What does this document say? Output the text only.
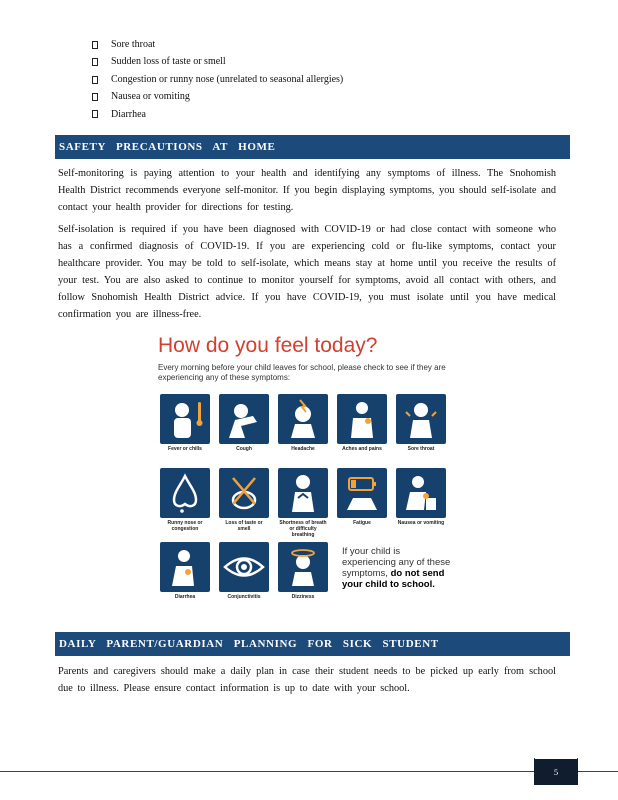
Sore throat
Sudden loss of taste or smell
Congestion or runny nose (unrelated to seasonal allergies)
Nausea or vomiting
Diarrhea
SAFETY PRECAUTIONS AT HOME
Self-monitoring is paying attention to your health and identifying any symptoms of illness. The Snohomish Health District recommends everyone self-monitor. If you begin displaying symptoms, you should self-isolate and contact your health provider for directions for testing.
Self-isolation is required if you have been diagnosed with COVID-19 or had close contact with someone who has a confirmed diagnosis of COVID-19. If you are experiencing cold or flu-like symptoms, contact your healthcare provider. You may be told to self-isolate, which means stay at home until you receive the results of your test. You are also asked to continue to monitor yourself for symptoms, avoid all contact with others, and follow Snohomish Health District advice. If you have COVID-19, you must isolate until you have medical confirmation you are illness-free.
How do you feel today?
Every morning before your child leaves for school, please check to see if they are experiencing any of these symptoms:
Fever or chills	Cough	Headache	Aches and pains	Sore throat
Runny nose or congestion
Loss of taste or smell
Shortness of breath or difficulty breathing
Fatigue	Nausea or vomiting
Diarrhea	Conjunctivitis	Dizziness
If your child is experiencing any of these symptoms, do not send your child to school.
DAILY PARENT/GUARDIAN PLANNING FOR SICK STUDENT
Parents and caregivers should make a daily plan in case their student needs to be picked up early from school due to illness. Please ensure contact information is up to date with your school.
5
